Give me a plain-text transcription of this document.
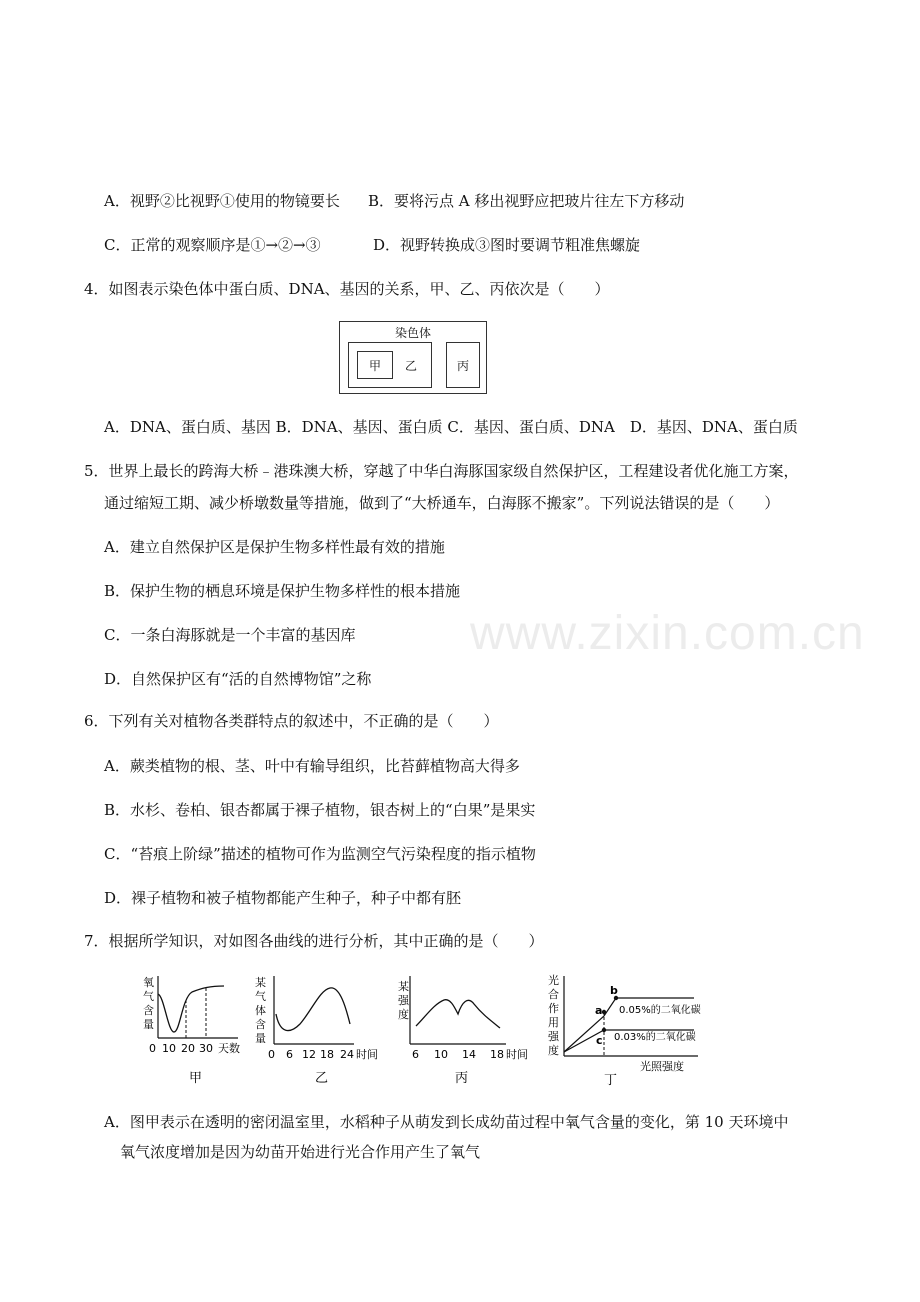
www.zixin.com.cn
A．视野②比视野①使用的物镜要长 B．要将污点 A 移出视野应把玻片往左下方移动
C．正常的观察顺序是①→②→③	D．视野转换成③图时要调节粗准焦螺旋
4．如图表示染色体中蛋白质、DNA、基因的关系，甲、乙、丙依次是（　　）
染色体
甲	乙	丙
A．DNA、蛋白质、基因 B．DNA、基因、蛋白质 C．基因、蛋白质、DNA　D．基因、DNA、蛋白质
5．世界上最长的跨海大桥﹣港珠澳大桥，穿越了中华白海豚国家级自然保护区，工程建设者优化施工方案，
通过缩短工期、减少桥墩数量等措施，做到了“大桥通车，白海豚不搬家”。下列说法错误的是（　　）
A．建立自然保护区是保护生物多样性最有效的措施
B．保护生物的栖息环境是保护生物多样性的根本措施
C．一条白海豚就是一个丰富的基因库
D．自然保护区有“活的自然博物馆”之称
6．下列有关对植物各类群特点的叙述中，不正确的是（　　）
A．蕨类植物的根、茎、叶中有输导组织，比苔藓植物高大得多
B．水杉、卷柏、银杏都属于裸子植物，银杏树上的“白果”是果实
C．“苔痕上阶绿”描述的植物可作为监测空气污染程度的指示植物
D．裸子植物和被子植物都能产生种子，种子中都有胚
7．根据所学知识，对如图各曲线的进行分析，其中正确的是（　　）
氧
气
含
量
0 10 20 30 天数
甲
某
气
体
含
量
0 6 12 18 24 时间
乙
某
强
度
6 10 14 18 时间
丙
光
合
作
用
强
度
a
b
c
0.05%的二氧化碳
0.03%的二氧化碳
光照强度
丁
A．图甲表示在透明的密闭温室里，水稻种子从萌发到长成幼苗过程中氧气含量的变化，第 10 天环境中
氧气浓度增加是因为幼苗开始进行光合作用产生了氧气
